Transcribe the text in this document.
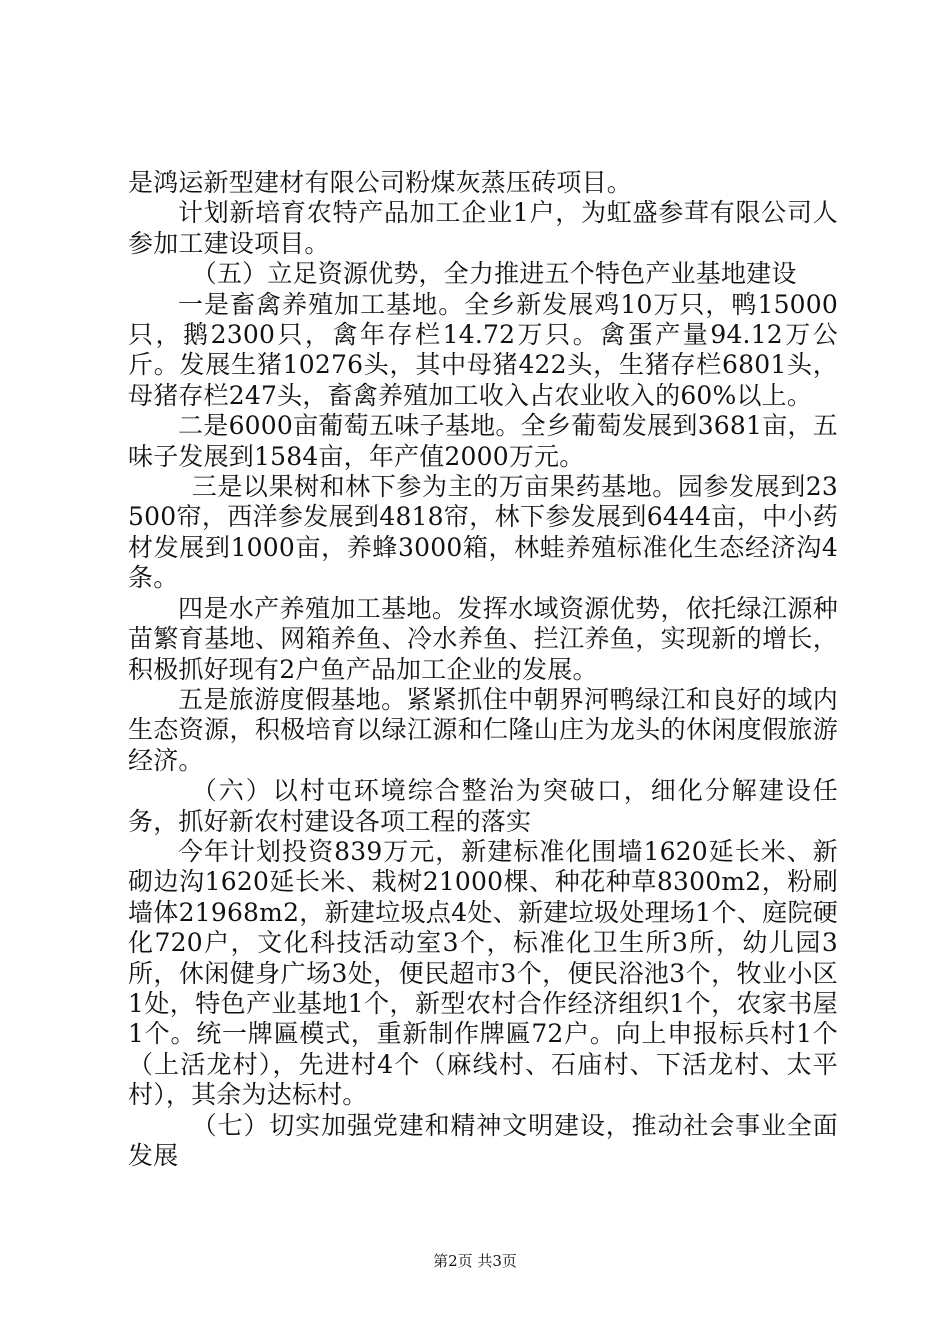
是鸿运新型建材有限公司粉煤灰蒸压砖项目。

计划新培育农特产品加工企业1户，为虹盛参茸有限公司人参加工建设项目。

（五）立足资源优势，全力推进五个特色产业基地建设

一是畜禽养殖加工基地。全乡新发展鸡10万只，鸭15000只，鹅2300只，禽年存栏14.72万只。禽蛋产量94.12万公斤。发展生猪10276头，其中母猪422头，生猪存栏6801头，母猪存栏247头，畜禽养殖加工收入占农业收入的60%以上。

二是6000亩葡萄五味子基地。全乡葡萄发展到3681亩，五味子发展到1584亩，年产值2000万元。

三是以果树和林下参为主的万亩果药基地。园参发展到23500帘，西洋参发展到4818帘，林下参发展到6444亩，中小药材发展到1000亩，养蜂3000箱，林蛙养殖标准化生态经济沟4条。

四是水产养殖加工基地。发挥水域资源优势，依托绿江源种苗繁育基地、网箱养鱼、冷水养鱼、拦江养鱼，实现新的增长，积极抓好现有2户鱼产品加工企业的发展。

五是旅游度假基地。紧紧抓住中朝界河鸭绿江和良好的域内生态资源，积极培育以绿江源和仁隆山庄为龙头的休闲度假旅游经济。

（六）以村屯环境综合整治为突破口，细化分解建设任务，抓好新农村建设各项工程的落实

今年计划投资839万元，新建标准化围墙1620延长米、新砌边沟1620延长米、栽树21000棵、种花种草8300m2，粉刷墙体21968m2，新建垃圾点4处、新建垃圾处理场1个、庭院硬化720户，文化科技活动室3个，标准化卫生所3所，幼儿园3所，休闲健身广场3处，便民超市3个，便民浴池3个，牧业小区1处，特色产业基地1个，新型农村合作经济组织1个，农家书屋1个。统一牌匾模式，重新制作牌匾72户。向上申报标兵村1个（上活龙村），先进村4个（麻线村、石庙村、下活龙村、太平村），其余为达标村。

（七）切实加强党建和精神文明建设，推动社会事业全面发展

第2页 共3页
